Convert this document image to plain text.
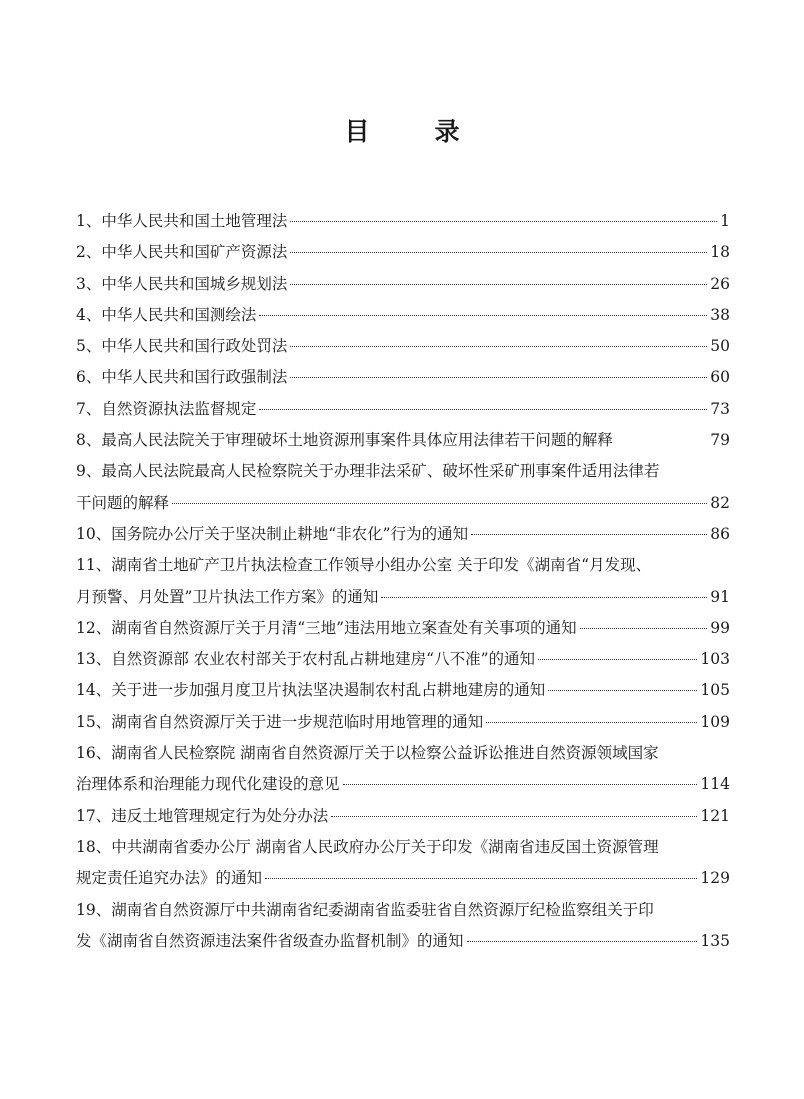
目　录
1、中华人民共和国土地管理法	1
2、中华人民共和国矿产资源法	18
3、中华人民共和国城乡规划法	26
4、中华人民共和国测绘法	38
5、中华人民共和国行政处罚法	50
6、中华人民共和国行政强制法	60
7、自然资源执法监督规定	73
8、最高人民法院关于审理破坏土地资源刑事案件具体应用法律若干问题的解释	79
9、最高人民法院最高人民检察院关于办理非法采矿、破坏性采矿刑事案件适用法律若
干问题的解释	82
10、国务院办公厅关于坚决制止耕地“非农化”行为的通知	86
11、湖南省土地矿产卫片执法检查工作领导小组办公室 关于印发《湖南省“月发现、
月预警、月处置”卫片执法工作方案》的通知	91
12、湖南省自然资源厅关于月清“三地”违法用地立案查处有关事项的通知	99
13、自然资源部 农业农村部关于农村乱占耕地建房“八不准”的通知	103
14、关于进一步加强月度卫片执法坚决遏制农村乱占耕地建房的通知	105
15、湖南省自然资源厅关于进一步规范临时用地管理的通知	109
16、湖南省人民检察院 湖南省自然资源厅关于以检察公益诉讼推进自然资源领域国家
治理体系和治理能力现代化建设的意见	114
17、违反土地管理规定行为处分办法	121
18、中共湖南省委办公厅 湖南省人民政府办公厅关于印发《湖南省违反国土资源管理
规定责任追究办法》的通知	129
19、湖南省自然资源厅中共湖南省纪委湖南省监委驻省自然资源厅纪检监察组关于印
发《湖南省自然资源违法案件省级查办监督机制》的通知	135
